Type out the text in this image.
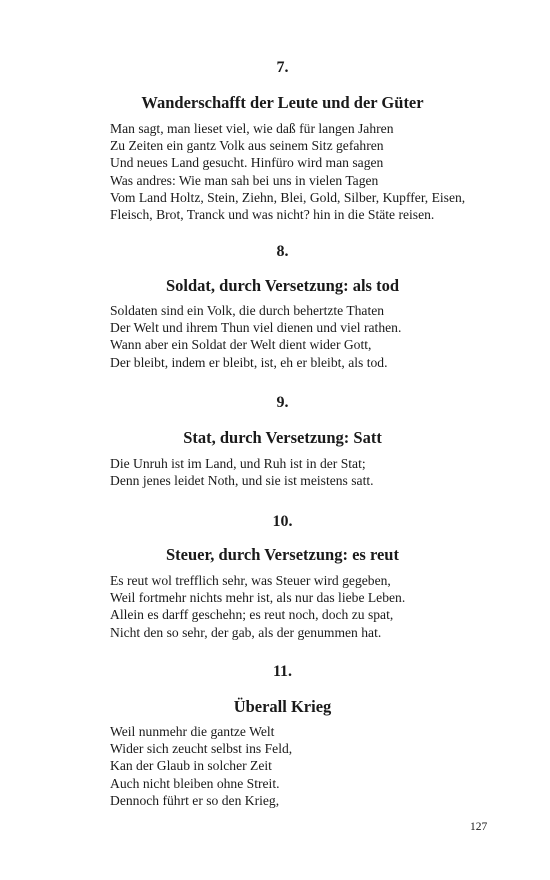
7.
Wanderschafft der Leute und der Güter
Man sagt, man lieset viel, wie daß für langen Jahren
Zu Zeiten ein gantz Volk aus seinem Sitz gefahren
Und neues Land gesucht. Hinfüro wird man sagen
Was andres: Wie man sah bei uns in vielen Tagen
Vom Land Holtz, Stein, Ziehn, Blei, Gold, Silber, Kupffer, Eisen,
Fleisch, Brot, Tranck und was nicht? hin in die Stäte reisen.
8.
Soldat, durch Versetzung: als tod
Soldaten sind ein Volk, die durch behertzte Thaten
Der Welt und ihrem Thun viel dienen und viel rathen.
Wann aber ein Soldat der Welt dient wider Gott,
Der bleibt, indem er bleibt, ist, eh er bleibt, als tod.
9.
Stat, durch Versetzung: Satt
Die Unruh ist im Land, und Ruh ist in der Stat;
Denn jenes leidet Noth, und sie ist meistens satt.
10.
Steuer, durch Versetzung: es reut
Es reut wol trefflich sehr, was Steuer wird gegeben,
Weil fortmehr nichts mehr ist, als nur das liebe Leben.
Allein es darff geschehn; es reut noch, doch zu spat,
Nicht den so sehr, der gab, als der genummen hat.
11.
Überall Krieg
Weil nunmehr die gantze Welt
Wider sich zeucht selbst ins Feld,
Kan der Glaub in solcher Zeit
Auch nicht bleiben ohne Streit.
Dennoch führt er so den Krieg,
127
